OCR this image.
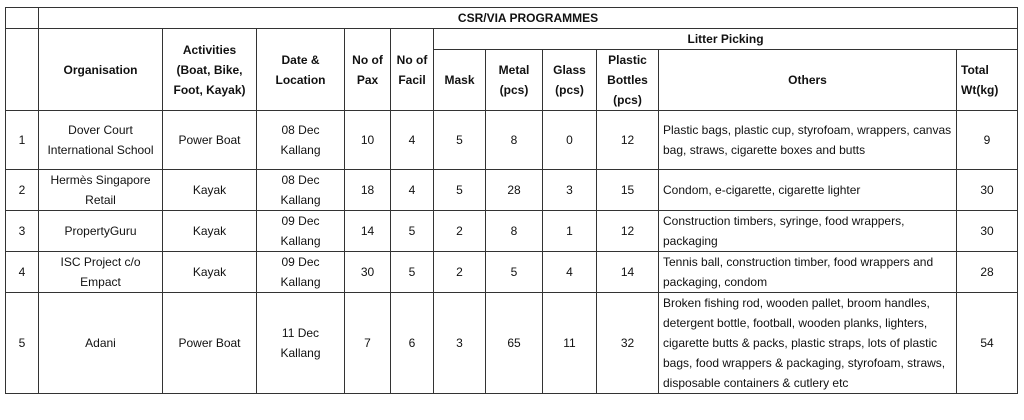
	CSR/VIA PROGRAMMES										
	Organisation	Activities (Boat, Bike, Foot, Kayak)	Date & Location	No of Pax	No of Facil	Litter Picking					
						Mask	Metal (pcs)	Glass (pcs)	Plastic Bottles (pcs)	Others	Total Wt(kg)
1	Dover Court International School	Power Boat	08 Dec Kallang	10	4	5	8	0	12	Plastic bags, plastic cup, styrofoam, wrappers, canvas bag, straws, cigarette boxes and butts	9
2	Hermès Singapore Retail	Kayak	08 Dec Kallang	18	4	5	28	3	15	Condom, e-cigarette, cigarette lighter	30
3	PropertyGuru	Kayak	09 Dec Kallang	14	5	2	8	1	12	Construction timbers, syringe, food wrappers, packaging	30
4	ISC Project c/o Empact	Kayak	09 Dec Kallang	30	5	2	5	4	14	Tennis ball, construction timber, food wrappers and packaging, condom	28
5	Adani	Power Boat	11 Dec Kallang	7	6	3	65	11	32	Broken fishing rod, wooden pallet, broom handles, detergent bottle, football, wooden planks, lighters, cigarette butts & packs, plastic straps, lots of plastic bags, food wrappers & packaging, styrofoam, straws, disposable containers & cutlery etc	54
